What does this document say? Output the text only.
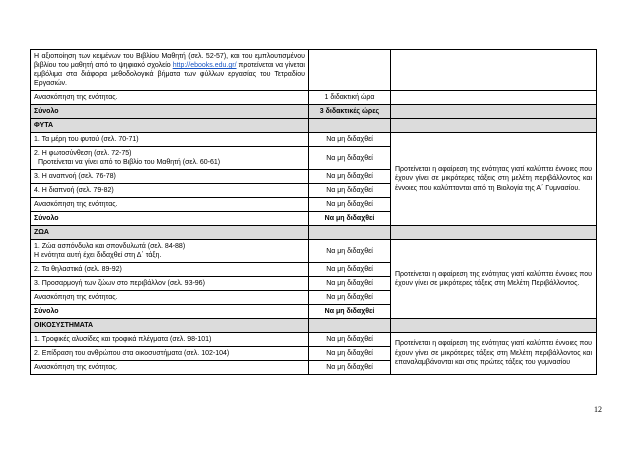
Η αξιοποίηση των κειμένων του Βιβλίου Μαθητή (σελ. 52-57), και του εμπλουτισμένου βιβλίου του μαθητή από το ψηφιακό σχολείο http://ebooks.edu.gr/ προτείνεται να γίνεται εμβόλιμα στα διάφορα μεθοδολογικά βήματα των φύλλων εργασίας του Τετραδίου Εργασιών.		
Ανασκόπηση της ενότητας.	1 διδακτική ώρα	
Σύνολο	3 διδακτικές ώρες	
ΦΥΤΑ		

1. Τα μέρη του φυτού (σελ. 70-71)	Να μη διδαχθεί	Προτείνεται η αφαίρεση της ενότητας γιατί καλύπτει έννοιες που έχουν γίνει σε μικρότερες τάξεις στη μελέτη περιβάλλοντος και έννοιες που καλύπτονται από τη Βιολογία της Α΄ Γυμνασίου.

2. Η φωτοσύνθεση (σελ. 72-75)
Προτείνεται να γίνει από το Βιβλίο του Μαθητή (σελ. 60-61)	Να μη διδαχθεί	

3. Η αναπνοή (σελ. 76-78)	Να μη διδαχθεί	

4. Η διαπνοή (σελ. 79-82)	Να μη διδαχθεί	

Ανασκόπηση της ενότητας.	Να μη διδαχθεί	

Σύνολο	Να μη διδαχθεί	
ΖΩΑ		

1. Ζώα ασπόνδυλα και σπονδυλωτά (σελ. 84-88)
Η ενότητα αυτή έχει διδαχθεί στη Δ΄ τάξη.	Να μη διδαχθεί	Προτείνεται η αφαίρεση της ενότητας γιατί καλύπτει έννοιες που έχουν γίνει σε μικρότερες τάξεις στη Μελέτη Περιβάλλοντος.

2. Τα θηλαστικά (σελ. 89-92)	Να μη διδαχθεί	

3. Προσαρμογή των ζώων στο περιβάλλον (σελ. 93-96)	Να μη διδαχθεί	

Ανασκόπηση της ενότητας.	Να μη διδαχθεί	

Σύνολο	Να μη διδαχθεί	
ΟΙΚΟΣΥΣΤΗΜΑΤΑ		

1. Τροφικές αλυσίδες και τροφικά πλέγματα (σελ. 98-101)	Να μη διδαχθεί	Προτείνεται η αφαίρεση της ενότητας γιατί καλύπτει έννοιες που έχουν γίνει σε μικρότερες τάξεις στη Μελέτη περιβάλλοντος και επαναλαμβάνονται και στις πρώτες τάξεις του γυμνασίου

2. Επίδραση του ανθρώπου στα οικοσυστήματα (σελ. 102-104)	Να μη διδαχθεί	

Ανασκόπηση της ενότητας.	Να μη διδαχθεί	
12
